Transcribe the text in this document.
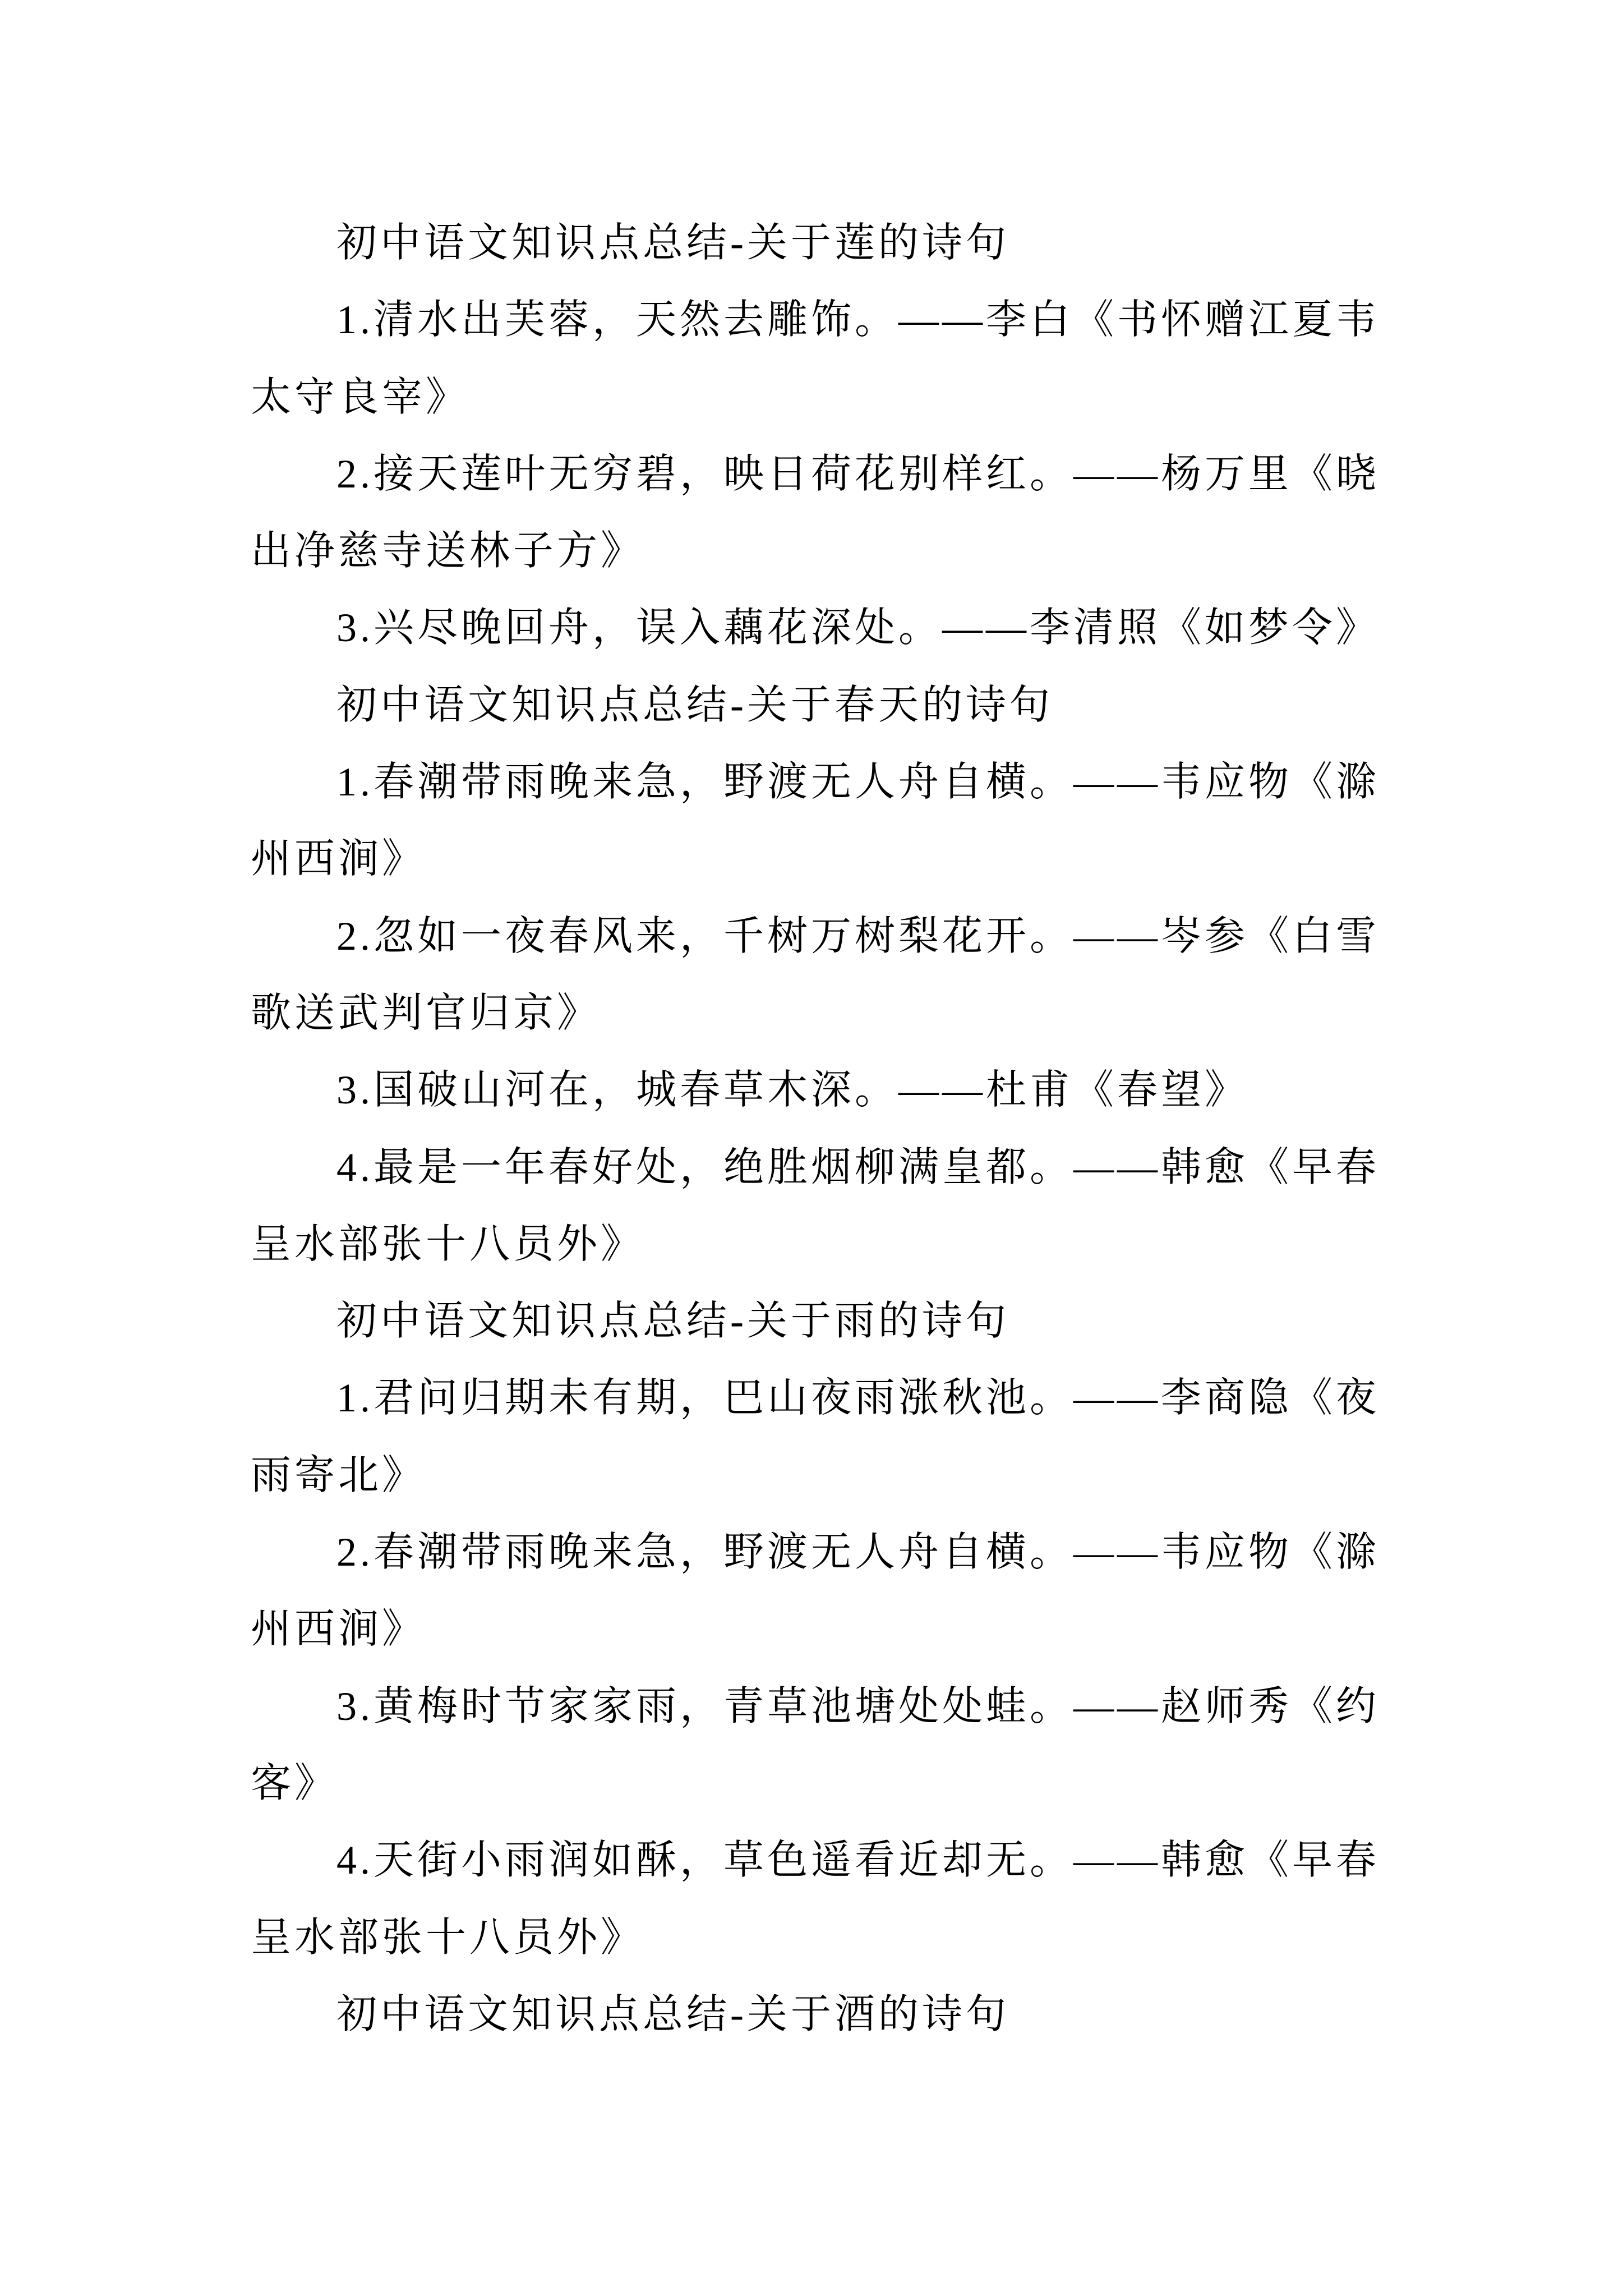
初中语文知识点总结-关于莲的诗句
1.清水出芙蓉，天然去雕饰。——李白《书怀赠江夏韦
太守良宰》
2.接天莲叶无穷碧，映日荷花别样红。——杨万里《晓
出净慈寺送林子方》
3.兴尽晚回舟，误入藕花深处。——李清照《如梦令》
初中语文知识点总结-关于春天的诗句
1.春潮带雨晚来急，野渡无人舟自横。——韦应物《滁
州西涧》
2.忽如一夜春风来，千树万树梨花开。——岑参《白雪
歌送武判官归京》
3.国破山河在，城春草木深。——杜甫《春望》
4.最是一年春好处，绝胜烟柳满皇都。——韩愈《早春
呈水部张十八员外》
初中语文知识点总结-关于雨的诗句
1.君问归期未有期，巴山夜雨涨秋池。——李商隐《夜
雨寄北》
2.春潮带雨晚来急，野渡无人舟自横。——韦应物《滁
州西涧》
3.黄梅时节家家雨，青草池塘处处蛙。——赵师秀《约
客》
4.天街小雨润如酥，草色遥看近却无。——韩愈《早春
呈水部张十八员外》
初中语文知识点总结-关于酒的诗句
